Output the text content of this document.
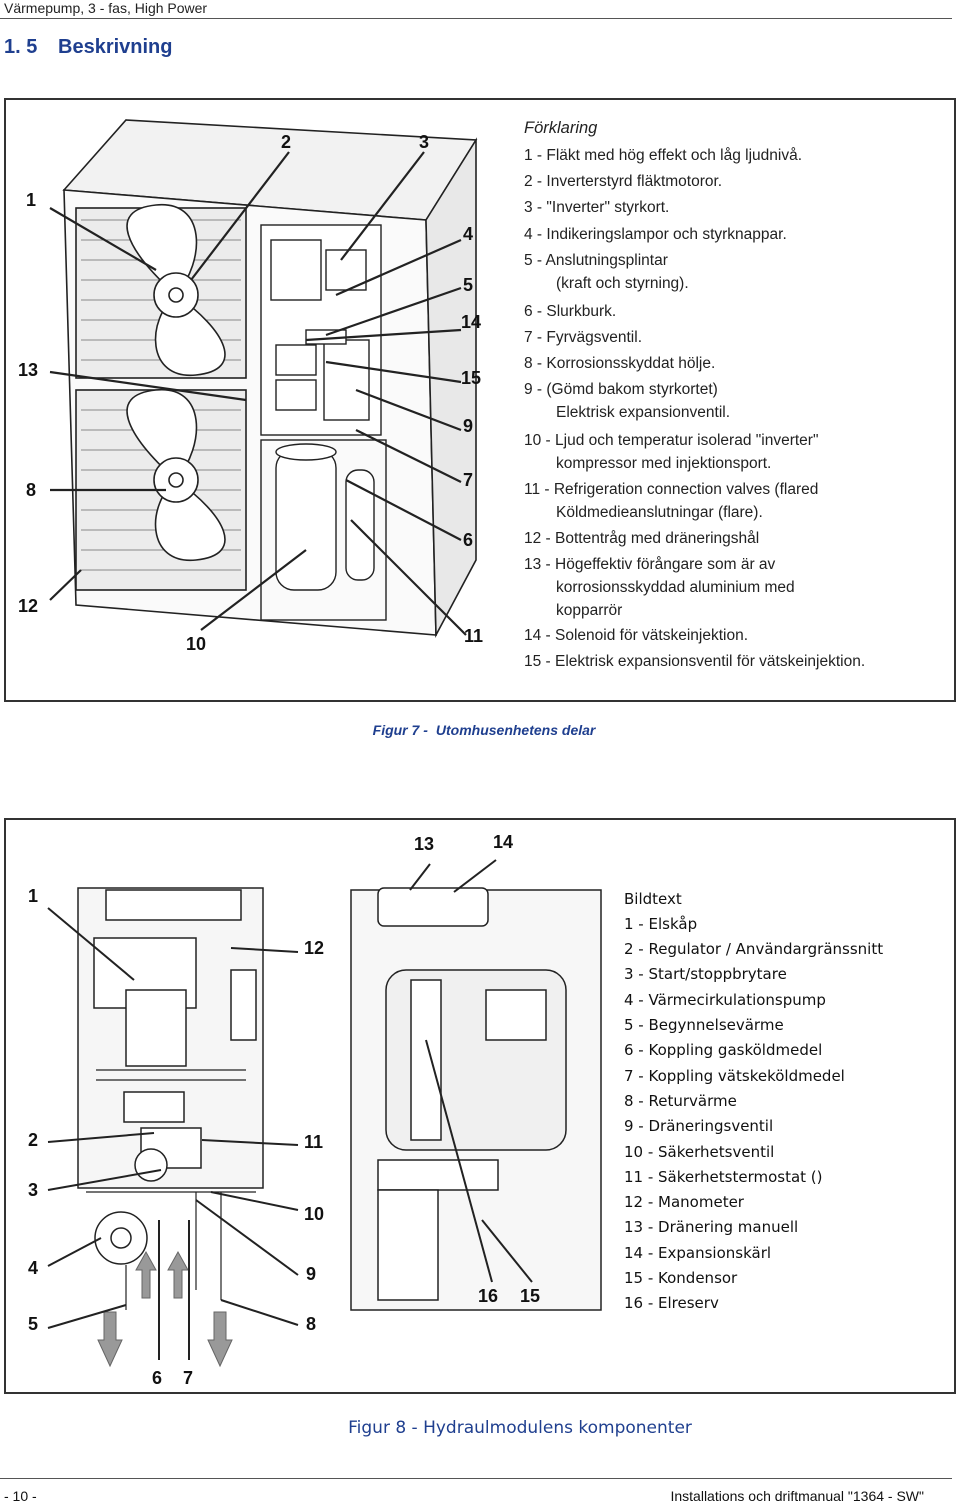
Värmepump, 3 - fas, High Power
1. 5 Beskrivning
1
2	3
4
5
14
15
9
7
6
13
8
12
10	11
Förklaring
1 - Fläkt med hög effekt och låg ljudnivå.
2 - Inverterstyrd fläktmotoror.
3 - "Inverter" styrkort.
4 - Indikeringslampor och styrknappar.
5 - Anslutningsplintar
(kraft och styrning).
6 - Slurkburk.
7 - Fyrvägsventil.
8 - Korrosionsskyddat hölje.
9 - (Gömd bakom styrkortet)
Elektrisk expansionventil.
10 - Ljud och temperatur isolerad "inverter"
kompressor med injektionsport.
11 - Refrigeration connection valves (flared
Köldmedieanslutningar (flare).
12 - Bottentråg med dräneringshål
13 - Högeffektiv förångare som är av
korrosionsskyddad aluminium med
kopparrör
14 - Solenoid för vätskeinjektion.
15 - Elektrisk expansionsventil för vätskeinjektion.
Figur 7 - Utomhusenhetens delar
13	14
1
12
2	11
3
10
4	9
5	8
6 7
16 15
Bildtext
1 - Elskåp
2 - Regulator / Användargränssnitt
3 - Start/stoppbrytare
4 - Värmecirkulationspump
5 - Begynnelsevärme
6 - Koppling gasköldmedel
7 - Koppling vätskeköldmedel
8 - Returvärme
9 - Dräneringsventil
10 - Säkerhetsventil
11 - Säkerhetstermostat ()
12 - Manometer
13 - Dränering manuell
14 - Expansionskärl
15 - Kondensor
16 - Elreserv
Figur 8 - Hydraulmodulens komponenter
- 10 -	Installations och driftmanual "1364 - SW"
